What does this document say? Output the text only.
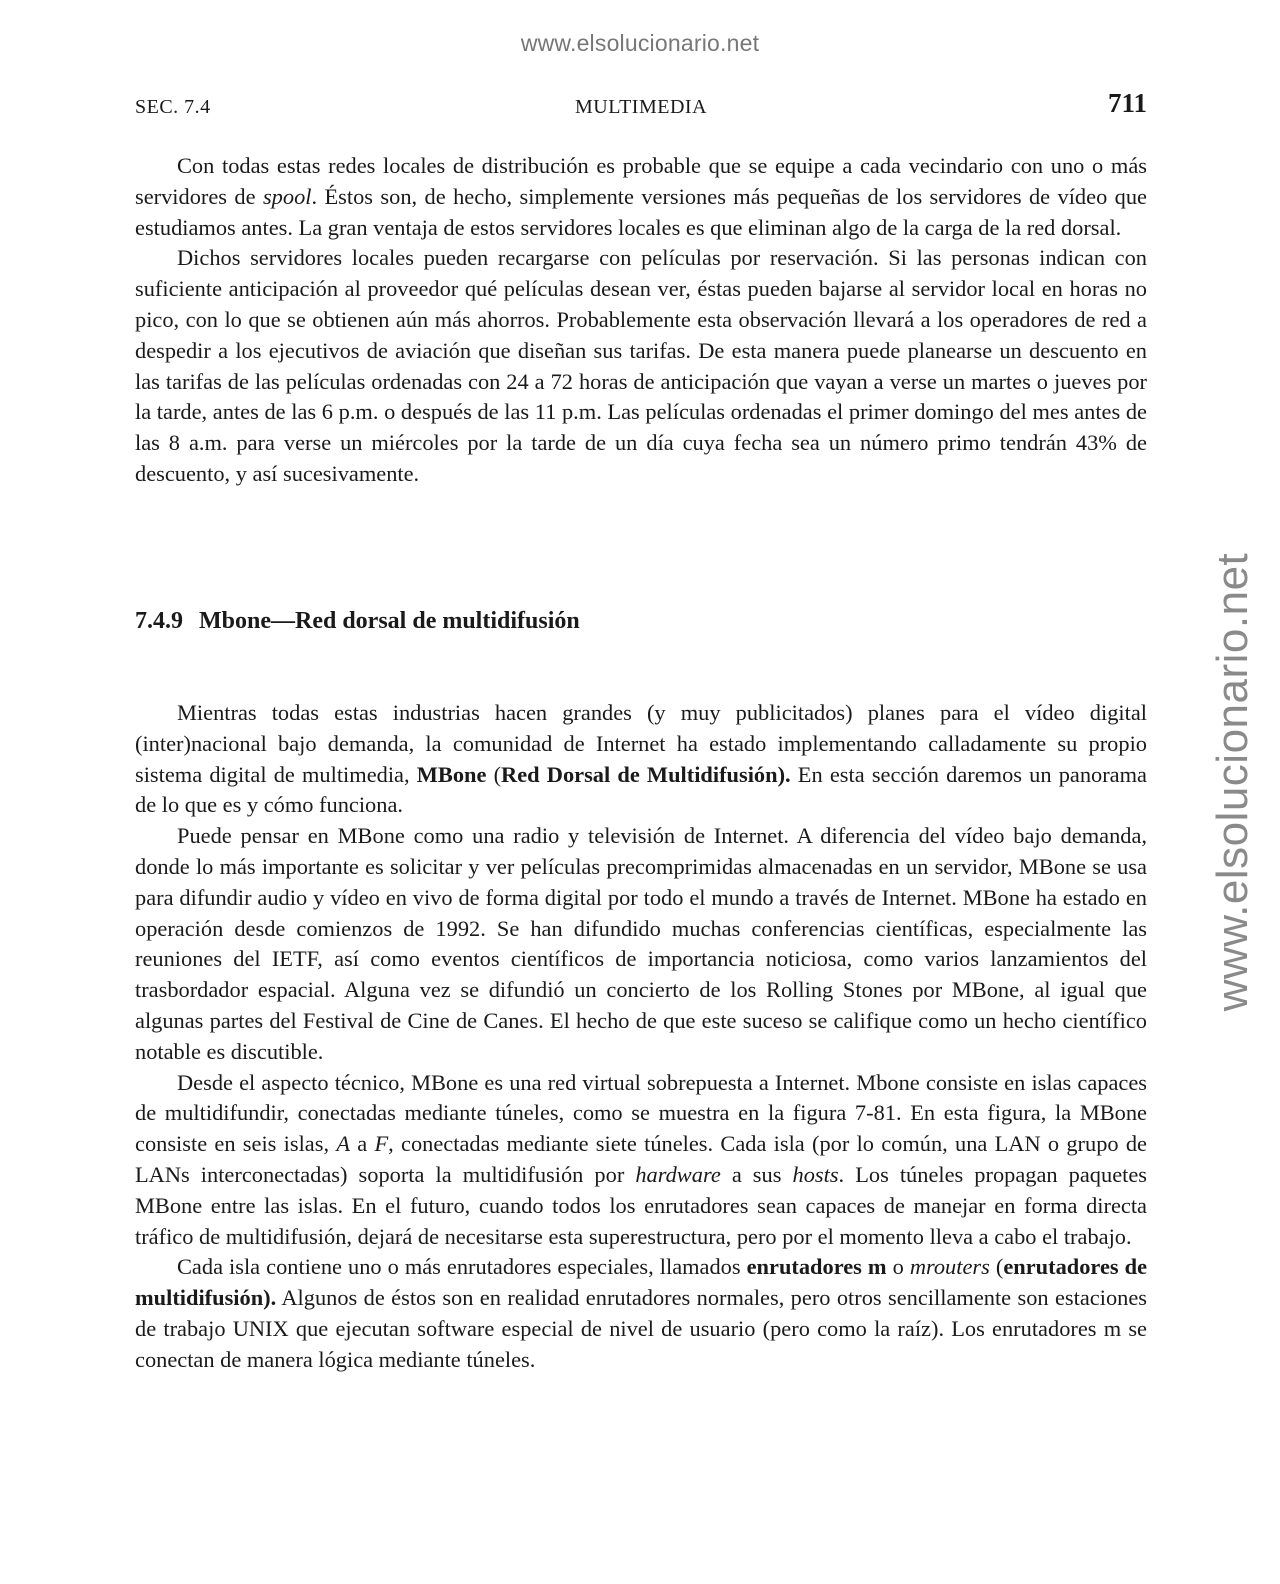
www.elsolucionario.net
www.elsolucionario.net
SEC. 7.4	MULTIMEDIA	711

Con todas estas redes locales de distribución es probable que se equipe a cada vecindario con uno o más servidores de spool. Éstos son, de hecho, simplemente versiones más pequeñas de los servidores de vídeo que estudiamos antes. La gran ventaja de estos servidores locales es que eliminan algo de la carga de la red dorsal.

Dichos servidores locales pueden recargarse con películas por reservación. Si las personas indican con suficiente anticipación al proveedor qué películas desean ver, éstas pueden bajarse al servidor local en horas no pico, con lo que se obtienen aún más ahorros. Probablemente esta observación llevará a los operadores de red a despedir a los ejecutivos de aviación que diseñan sus tarifas. De esta manera puede planearse un descuento en las tarifas de las películas ordenadas con 24 a 72 horas de anticipación que vayan a verse un martes o jueves por la tarde, antes de las 6 p.m. o después de las 11 p.m. Las películas ordenadas el primer domingo del mes antes de las 8 a.m. para verse un miércoles por la tarde de un día cuya fecha sea un número primo tendrán 43% de descuento, y así sucesivamente.

7.4.9 Mbone—Red dorsal de multidifusión

Mientras todas estas industrias hacen grandes (y muy publicitados) planes para el vídeo digital (inter)nacional bajo demanda, la comunidad de Internet ha estado implementando calladamente su propio sistema digital de multimedia, MBone (Red Dorsal de Multidifusión). En esta sección daremos un panorama de lo que es y cómo funciona.

Puede pensar en MBone como una radio y televisión de Internet. A diferencia del vídeo bajo demanda, donde lo más importante es solicitar y ver películas precomprimidas almacenadas en un servidor, MBone se usa para difundir audio y vídeo en vivo de forma digital por todo el mundo a través de Internet. MBone ha estado en operación desde comienzos de 1992. Se han difundido muchas conferencias científicas, especialmente las reuniones del IETF, así como eventos científicos de importancia noticiosa, como varios lanzamientos del trasbordador espacial. Alguna vez se difundió un concierto de los Rolling Stones por MBone, al igual que algunas partes del Festival de Cine de Canes. El hecho de que este suceso se califique como un hecho científico notable es discutible.

Desde el aspecto técnico, MBone es una red virtual sobrepuesta a Internet. Mbone consiste en islas capaces de multidifundir, conectadas mediante túneles, como se muestra en la figura 7-81. En esta figura, la MBone consiste en seis islas, A a F, conectadas mediante siete túneles. Cada isla (por lo común, una LAN o grupo de LANs interconectadas) soporta la multidifusión por hardware a sus hosts. Los túneles propagan paquetes MBone entre las islas. En el futuro, cuando todos los enrutadores sean capaces de manejar en forma directa tráfico de multidifusión, dejará de necesitarse esta superestructura, pero por el momento lleva a cabo el trabajo.

Cada isla contiene uno o más enrutadores especiales, llamados enrutadores m o mrouters (enrutadores de multidifusión). Algunos de éstos son en realidad enrutadores normales, pero otros sencillamente son estaciones de trabajo UNIX que ejecutan software especial de nivel de usuario (pero como la raíz). Los enrutadores m se conectan de manera lógica mediante túneles.
